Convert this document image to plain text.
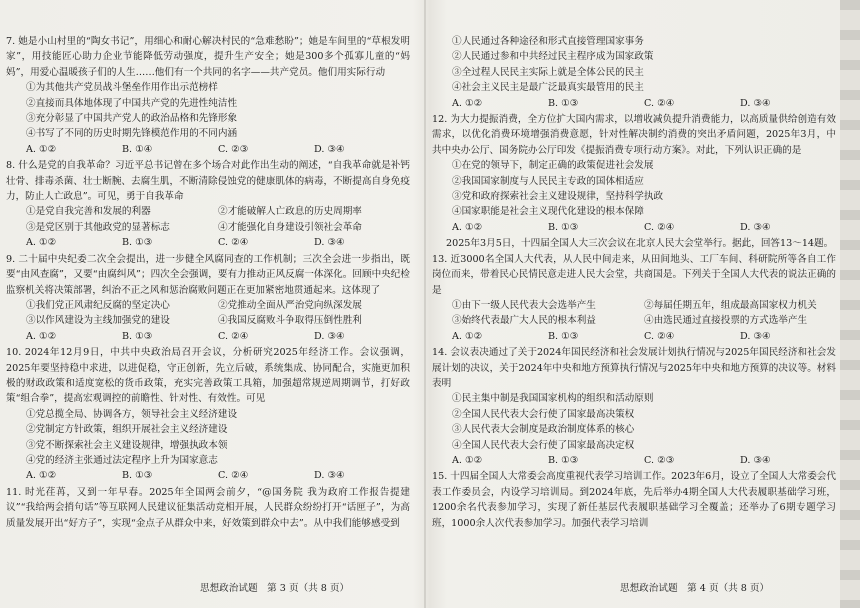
7. 她是小山村里的“陶女书记”，用细心和耐心解决村民的“急难愁盼”；她是车间里的“草根发明家”，用技能匠心助力企业节能降低劳动强度，提升生产安全；她是300多个孤寡儿童的“妈妈”，用爱心温暖孩子们的人生……他们有一个共同的名字——共产党员。他们用实际行动
①为其他共产党员战斗堡垒作用作出示范榜样
②直接而具体地体现了中国共产党的先进性纯洁性
③充分彰显了中国共产党人的政治品格和先锋形象
④书写了不同的历史时期先锋模范作用的不同内涵
A. ①②	B. ①④	C. ②③	D. ③④
8. 什么是党的自我革命？习近平总书记曾在多个场合对此作出生动的阐述，“自我革命就是补钙壮骨、排毒杀菌、壮士断腕、去腐生肌，不断清除侵蚀党的健康肌体的病毒，不断提高自身免疫力，防止人亡政息”。可见，勇于自我革命
①是党自我完善和发展的利器	②才能破解人亡政息的历史周期率
③是党区别于其他政党的显著标志	④才能强化自身建设引领社会革命
A. ①②	B. ①③	C. ②④	D. ③④
9. 二十届中央纪委二次全会提出，进一步健全风腐同查的工作机制；三次全会进一步指出，既要“由风查腐”，又要“由腐纠风”；四次全会强调，要有力推动正风反腐一体深化。回顾中央纪检监察机关将决策部署，纠治不正之风和惩治腐败问题正在更加紧密地贯通起来。这体现了
①我们党正风肃纪反腐的坚定决心	②党推动全面从严治党向纵深发展
③以作风建设为主线加强党的建设	④我国反腐败斗争取得压倒性胜利
A. ①②	B. ①③	C. ②④	D. ③④
10. 2024年12月9日，中共中央政治局召开会议，分析研究2025年经济工作。会议强调，2025年要坚持稳中求进，以进促稳，守正创新，先立后破，系统集成、协同配合，实施更加积极的财政政策和适度宽松的货币政策，充实完善政策工具箱，加强超常规逆周期调节，打好政策“组合拳”，提高宏观调控的前瞻性、针对性、有效性。可见
①党总揽全局、协调各方，领导社会主义经济建设
②党制定方针政策，组织开展社会主义经济建设
③党不断探索社会主义建设规律，增强执政本领
④党的经济主张通过法定程序上升为国家意志
A. ①②	B. ①③	C. ②④	D. ③④
11. 时光荏苒，又到一年早春。2025年全国两会前夕，“@国务院 我为政府工作报告提建议”“我给两会捎句话”等互联网人民建议征集活动竞相开展，人民群众纷纷打开“话匣子”，为高质量发展开出“好方子”，实现“金点子从群众中来，好效策到群众中去”。从中我们能够感受到
思想政治试题　第 3 页（共 8 页）
①人民通过各种途径和形式直接管理国家事务
②人民通过参和中共经过民主程序成为国家政策
③全过程人民民主实际上就是全体公民的民主
④社会主义民主是最广泛最真实最管用的民主
A. ①②	B. ①③	C. ②④	D. ③④
12. 为大力提振消费，全方位扩大国内需求，以增收减负提升消费能力，以高质量供给创造有效需求，以优化消费环境增强消费意愿，针对性解决制约消费的突出矛盾问题，2025年3月，中共中央办公厅、国务院办公厅印发《提振消费专项行动方案》。对此，下列认识正确的是
①在党的领导下，制定正确的政策促进社会发展
②我国国家制度与人民民主专政的国体相适应
③党和政府探索社会主义建设规律，坚持科学执政
④国家职能是社会主义现代化建设的根本保障
A. ①②	B. ①③	C. ②④	D. ③④
2025年3月5日，十四届全国人大三次会议在北京人民大会堂举行。据此，回答13～14题。
13. 近3000名全国人大代表，从人民中间走来，从田间地头、工厂车间、科研院所等各自工作岗位而来，带着民心民情民意走进人民大会堂，共商国是。下列关于全国人大代表的说法正确的是
①由下一级人民代表大会选举产生	②每届任期五年，组成最高国家权力机关
③始终代表最广大人民的根本利益	④由选民通过直接投票的方式选举产生
A. ①②	B. ①③	C. ②④	D. ③④
14. 会议表决通过了关于2024年国民经济和社会发展计划执行情况与2025年国民经济和社会发展计划的决议，关于2024年中央和地方预算执行情况与2025年中央和地方预算的决议等。材料表明
①民主集中制是我国国家机构的组织和活动原则
②全国人民代表大会行使了国家最高决策权
③人民代表大会制度是政治制度体系的核心
④全国人民代表大会行使了国家最高决定权
A. ①②	B. ①③	C. ②③	D. ③④
15. 十四届全国人大常委会高度重视代表学习培训工作。2023年6月，设立了全国人大常委会代表工作委员会，内设学习培训局。到2024年底，先后举办4期全国人大代表履职基础学习班，1200余名代表参加学习，实现了新任基层代表履职基础学习全覆盖；还举办了6期专题学习班，1000余人次代表参加学习。加强代表学习培训
思想政治试题　第 4 页（共 8 页）
